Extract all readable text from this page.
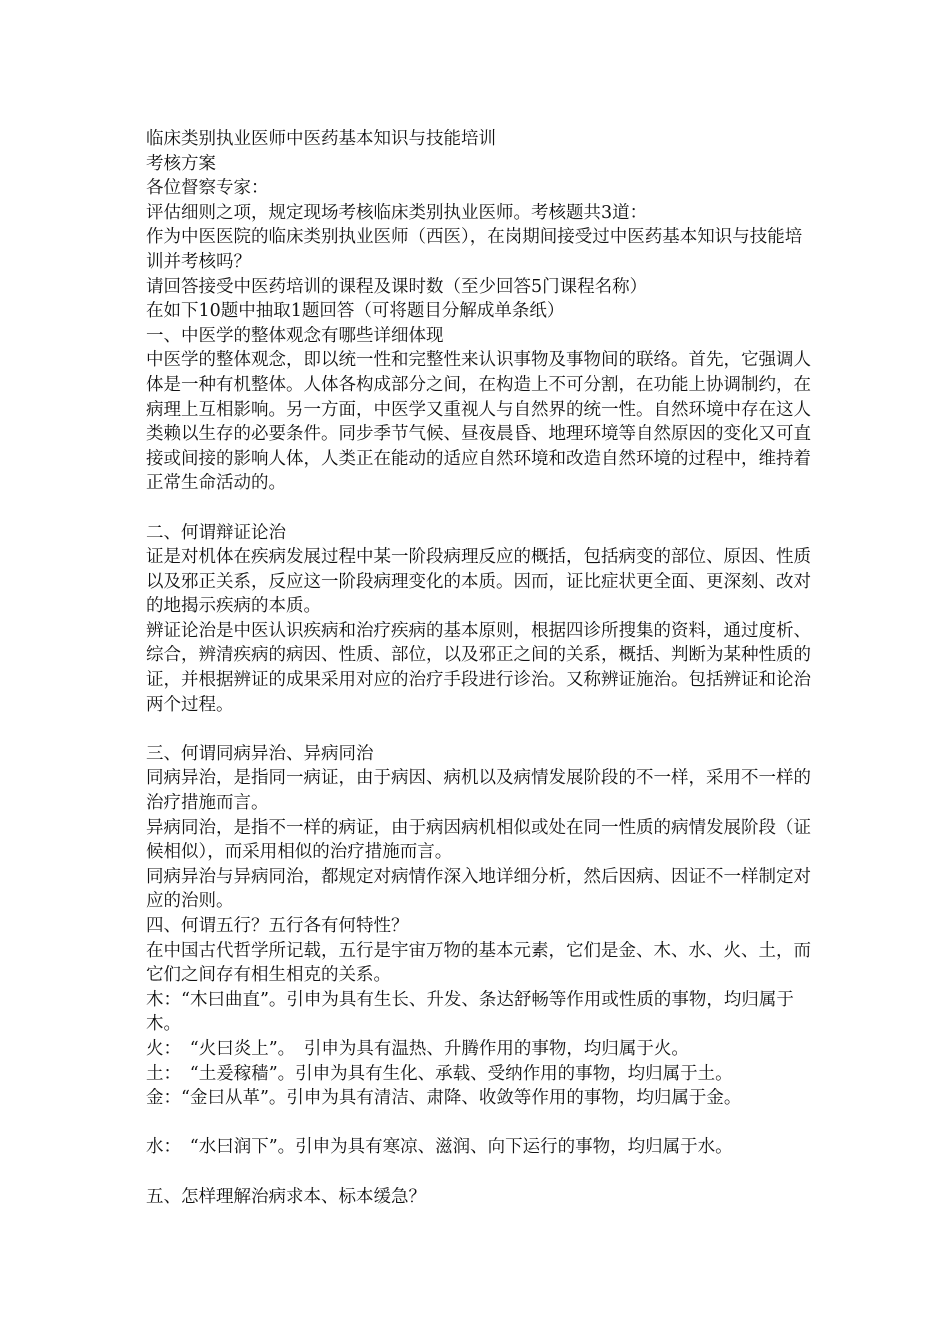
临床类别执业医师中医药基本知识与技能培训

考核方案

各位督察专家：

评估细则之项，规定现场考核临床类别执业医师。考核题共3道：

作为中医医院的临床类别执业医师（西医），在岗期间接受过中医药基本知识与技能培训并考核吗？

请回答接受中医药培训的课程及课时数（至少回答5门课程名称）

在如下10题中抽取1题回答（可将题目分解成单条纸）

一、中医学的整体观念有哪些详细体现

中医学的整体观念，即以统一性和完整性来认识事物及事物间的联络。首先，它强调人体是一种有机整体。人体各构成部分之间，在构造上不可分割，在功能上协调制约，在病理上互相影响。另一方面，中医学又重视人与自然界的统一性。自然环境中存在这人类赖以生存的必要条件。同步季节气候、昼夜晨昏、地理环境等自然原因的变化又可直接或间接的影响人体，人类正在能动的适应自然环境和改造自然环境的过程中，维持着正常生命活动的。

二、何谓辩证论治

证是对机体在疾病发展过程中某一阶段病理反应的概括，包括病变的部位、原因、性质以及邪正关系，反应这一阶段病理变化的本质。因而，证比症状更全面、更深刻、改对的地揭示疾病的本质。

辨证论治是中医认识疾病和治疗疾病的基本原则，根据四诊所搜集的资料，通过度析、综合，辨清疾病的病因、性质、部位，以及邪正之间的关系，概括、判断为某种性质的证，并根据辨证的成果采用对应的治疗手段进行诊治。又称辨证施治。包括辨证和论治两个过程。

三、何谓同病异治、异病同治

同病异治，是指同一病证，由于病因、病机以及病情发展阶段的不一样，采用不一样的治疗措施而言。

异病同治，是指不一样的病证，由于病因病机相似或处在同一性质的病情发展阶段（证候相似），而采用相似的治疗措施而言。

同病异治与异病同治，都规定对病情作深入地详细分析，然后因病、因证不一样制定对应的治则。

四、何谓五行？五行各有何特性？

在中国古代哲学所记载，五行是宇宙万物的基本元素，它们是金、木、水、火、土，而它们之间存有相生相克的关系。

木：“木曰曲直”。引申为具有生长、升发、条达舒畅等作用或性质的事物，均归属于木。

火：　“火曰炎上”。　引申为具有温热、升腾作用的事物，均归属于火。

土：　“土爰稼穑”。引申为具有生化、承载、受纳作用的事物，均归属于土。

金：“金曰从革”。引申为具有清洁、肃降、收敛等作用的事物，均归属于金。

水：　“水曰润下”。引申为具有寒凉、滋润、向下运行的事物，均归属于水。

五、怎样理解治病求本、标本缓急？
